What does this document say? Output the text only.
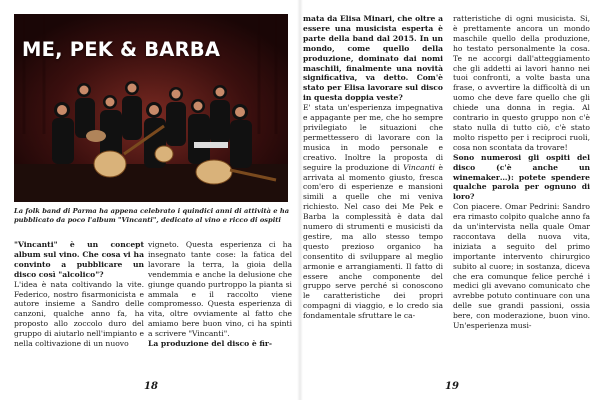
ME, PEK & BARBA

La folk band di Parma ha appena celebrato i quindici anni di attività e ha pubblicato da poco l'album "Vincanti", dedicato al vino e ricco di ospiti

"Vincanti" è un concept album sul vino. Che cosa vi ha convinto a pubblicare un disco così "alcolico"?

L'idea è nata coltivando la vite. Federico, nostro fisarmonicista e autore insieme a Sandro delle canzoni, qualche anno fa, ha proposto allo zoccolo duro del gruppo di aiutarlo nell'impianto e nella coltivazione di un nuovo

vigneto. Questa esperienza ci ha insegnato tante cose: la fatica del lavorare la terra, la gioia della vendemmia e anche la delusione che giunge quando purtroppo la pianta si ammala e il raccolto viene compromesso. Questa esperienza di vita, oltre ovviamente al fatto che amiamo bere buon vino, ci ha spinti a scrivere "Vincanti".

La produzione del disco è fir-

18

mata da Elisa Minari, che oltre a essere una musicista esperta è parte della band dal 2015. In un mondo, come quello della produzione, dominato dai nomi maschili, finalmente una novità significativa, va detto. Com'è stato per Elisa lavorare sul disco in questa doppia veste?

E' stata un'esperienza impegnativa e appagante per me, che ho sempre privilegiato le situazioni che permettessero di lavorare con la musica in modo personale e creativo. Inoltre la proposta di seguire la produzione di Vincanti è arrivata al momento giusto, fresca com'ero di esperienze e mansioni simili a quelle che mi veniva richiesto. Nel caso dei Me Pek e Barba la complessità è data dal numero di strumenti e musicisti da gestire, ma allo stesso tempo questo prezioso organico ha consentito di sviluppare al meglio armonie e arrangiamenti. Il fatto di essere anche componente del gruppo serve perché si conoscono le caratteristiche dei propri compagni di viaggio, e lo credo sia fondamentale sfruttare le ca-

ratteristiche di ogni musicista. Si, è prettamente ancora un mondo maschile quello della produzione, ho testato personalmente la cosa. Te ne accorgi dall'atteggiamento che gli addetti ai lavori hanno nei tuoi confronti, a volte basta una frase, o avvertire la difficoltà di un uomo che deve fare quello che gli chiede una donna in regia. Al contrario in questo gruppo non c'è stato nulla di tutto ciò, c'è stato molto rispetto per i reciproci ruoli, cosa non scontata da trovare!

Sono numerosi gli ospiti del disco (c'è anche un winemaker…): potete spendere qualche parola per ognuno di loro?

Con piacere. Omar Pedrini: Sandro era rimasto colpito qualche anno fa da un'intervista nella quale Omar raccontava della nuova vita, iniziata a seguito del primo importante intervento chirurgico subito al cuore; in sostanza, diceva che era comunque felice perché i medici gli avevano comunicato che avrebbe potuto continuare con una delle sue grandi passioni, ossia bere, con moderazione, buon vino. Un'esperienza musi-

19
